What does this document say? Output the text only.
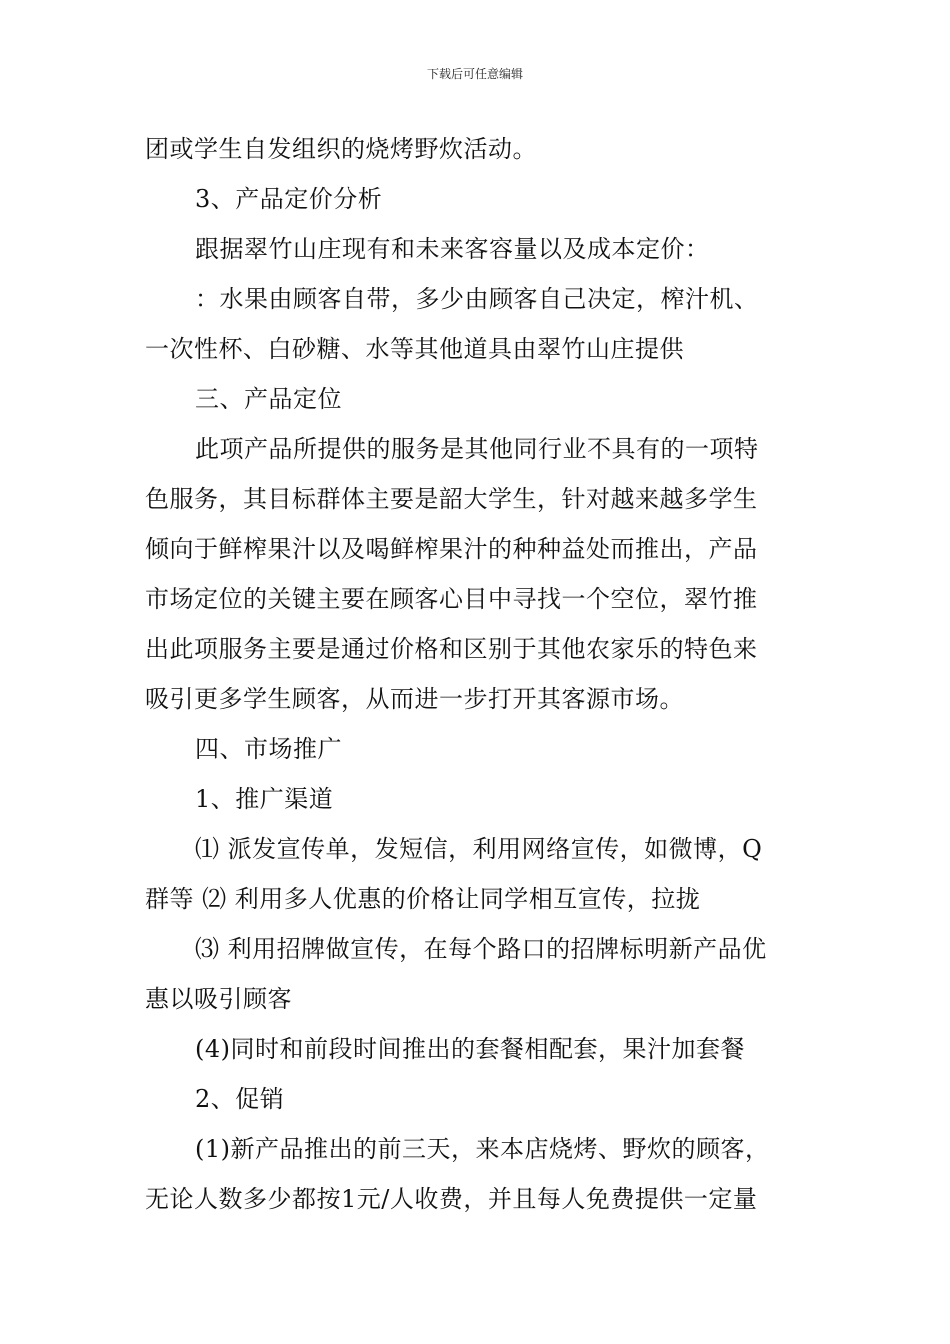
下载后可任意编辑
团或学生自发组织的烧烤野炊活动。
3、产品定价分析
跟据翠竹山庄现有和未来客容量以及成本定价：
：水果由顾客自带，多少由顾客自己决定，榨汁机、
一次性杯、白砂糖、水等其他道具由翠竹山庄提供
三、产品定位
此项产品所提供的服务是其他同行业不具有的一项特
色服务，其目标群体主要是韶大学生，针对越来越多学生
倾向于鲜榨果汁以及喝鲜榨果汁的种种益处而推出，产品
市场定位的关键主要在顾客心目中寻找一个空位，翠竹推
出此项服务主要是通过价格和区别于其他农家乐的特色来
吸引更多学生顾客，从而进一步打开其客源市场。
四、市场推广
1、推广渠道
⑴ 派发宣传单，发短信，利用网络宣传，如微博，Q
群等 ⑵ 利用多人优惠的价格让同学相互宣传，拉拢
⑶ 利用招牌做宣传，在每个路口的招牌标明新产品优
惠以吸引顾客
(4)同时和前段时间推出的套餐相配套，果汁加套餐
2、促销
(1)新产品推出的前三天，来本店烧烤、野炊的顾客，
无论人数多少都按1元/人收费，并且每人免费提供一定量
